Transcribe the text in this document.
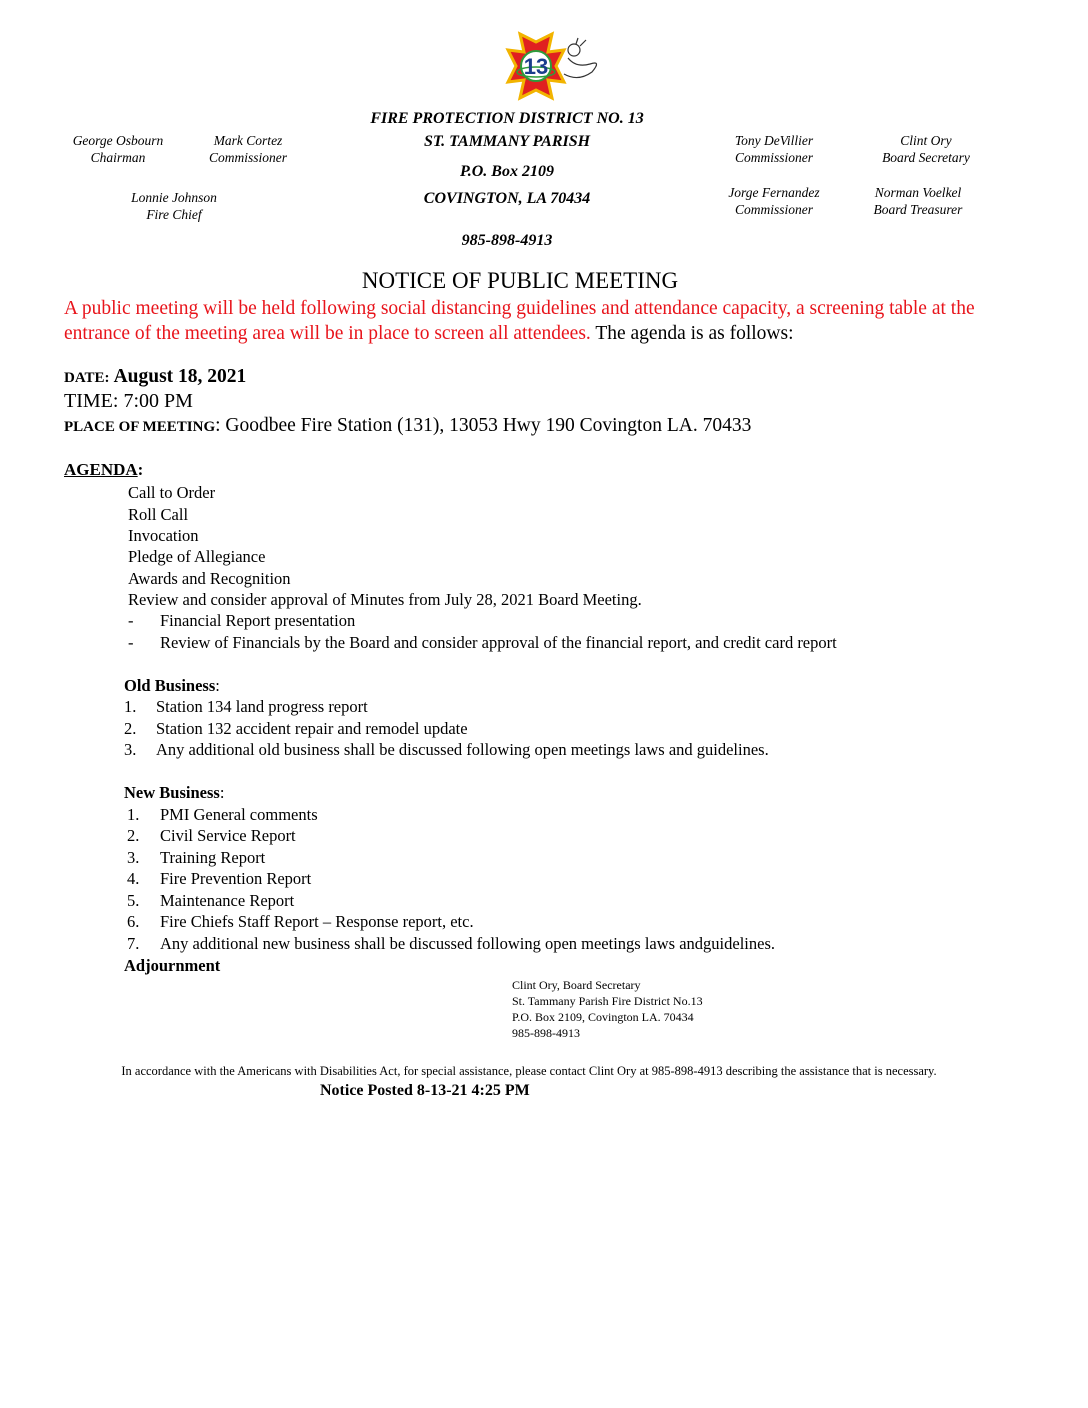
13
FIRE PROTECTION DISTRICT NO. 13
ST. TAMMANY PARISH
P.O. Box 2109
COVINGTON, LA 70434
985-898-4913
George Osbourn
Chairman
Mark Cortez
Commissioner
Lonnie Johnson
Fire Chief
Tony DeVillier
Commissioner
Clint Ory
Board Secretary
Jorge Fernandez
Commissioner
Norman Voelkel
Board Treasurer
NOTICE OF PUBLIC MEETING
A public meeting will be held following social distancing guidelines and attendance capacity, a screening table at the entrance of the meeting area will be in place to screen all attendees. The agenda is as follows:
DATE: August 18, 2021
TIME: 7:00 PM
PLACE OF MEETING: Goodbee Fire Station (131), 13053 Hwy 190 Covington LA. 70433
AGENDA:
Call to Order
Roll Call
Invocation
Pledge of Allegiance
Awards and Recognition
Review and consider approval of Minutes from July 28, 2021 Board Meeting.
- Financial Report presentation
- Review of Financials by the Board and consider approval of the financial report, and credit card report
Old Business:
1. Station 134 land progress report
2. Station 132 accident repair and remodel update
3. Any additional old business shall be discussed following open meetings laws and guidelines.
New Business:
1. PMI General comments
2. Civil Service Report
3. Training Report
4. Fire Prevention Report
5. Maintenance Report
6. Fire Chiefs Staff Report – Response report, etc.
7. Any additional new business shall be discussed following open meetings laws andguidelines.
Adjournment
Clint Ory, Board Secretary
St. Tammany Parish Fire District No.13
P.O. Box 2109, Covington LA. 70434
985-898-4913
In accordance with the Americans with Disabilities Act, for special assistance, please contact Clint Ory at 985-898-4913 describing the assistance that is necessary.
Notice Posted 8-13-21 4:25 PM
